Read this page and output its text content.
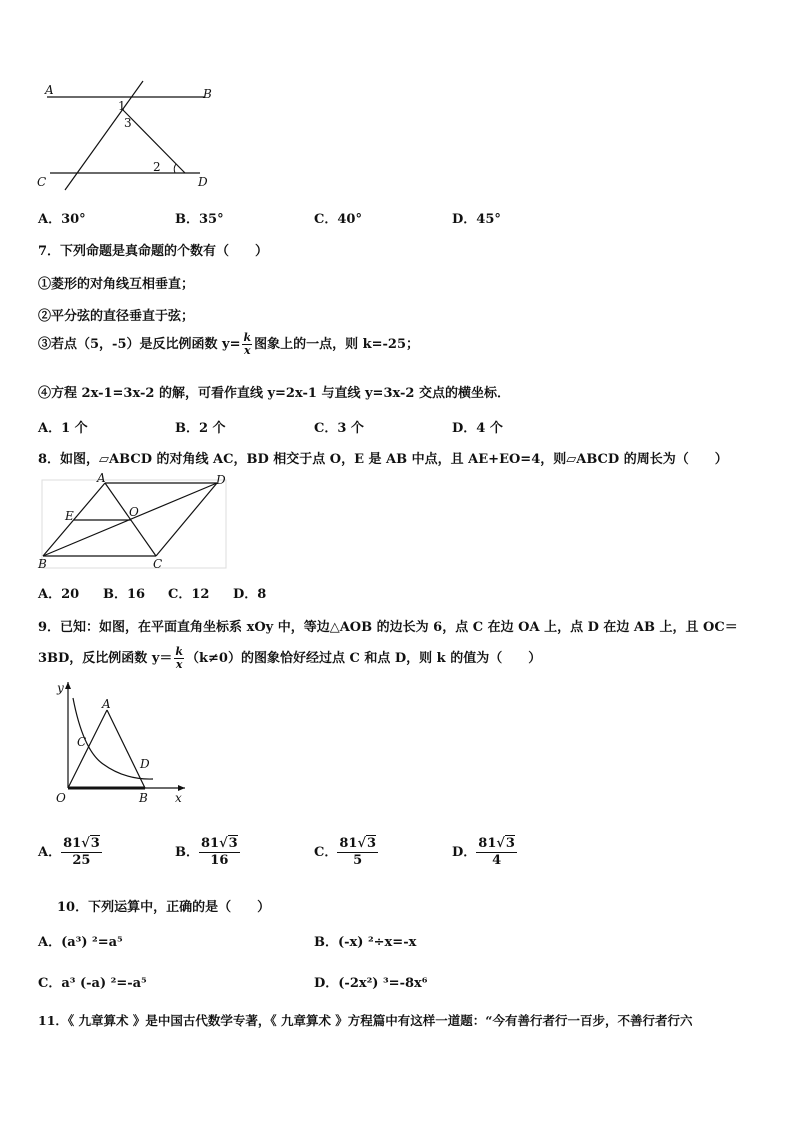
A	B
C	D
1
3
2
A．30°	B．35°	C．40°	D．45°
7．下列命题是真命题的个数有（　　）
①菱形的对角线互相垂直；
②平分弦的直径垂直于弦；
③若点（5，-5）是反比例函数 $y= \frac{k}{x}$ 图象上的一点，则 k=-25；
④方程 2x-1=3x-2 的解，可看作直线 y=2x-1 与直线 y=3x-2 交点的横坐标．
A．1 个	B．2 个	C．3 个	D．4 个
8．如图，▱ABCD 的对角线 AC，BD 相交于点 O，E 是 AB 中点，且 AE+EO=4，则▱ABCD 的周长为（　　）
A	D
E	O
B	C
A．20 B．16 C．12 D．8
9．已知：如图，在平面直角坐标系 xOy 中，等边△AOB 的边长为 6，点 C 在边 OA 上，点 D 在边 AB 上，且 OC＝
3BD，反比例函数 $y= \frac{k}{x} (k\ne 0)$的图象恰好经过点 C 和点 D，则 k 的值为（　　）
y
x
O
A
B
C
D
A． $\frac{81√3}{25}$	B． $\frac{81√3}{16}$	C． $\frac{81√3}{5}$	D． $\frac{81√3}{4}$
10．下列运算中，正确的是（　　）
A．(a³) ²=a⁵	B．(-x) ²÷x=-x
C．a³ (-a) ²=-a⁵	D．(-2x²) ³=-8x⁶
11．《 九章算术 》是中国古代数学专著，《 九章算术 》方程篇中有这样一道题：“今有善行者行一百步，不善行者行六
